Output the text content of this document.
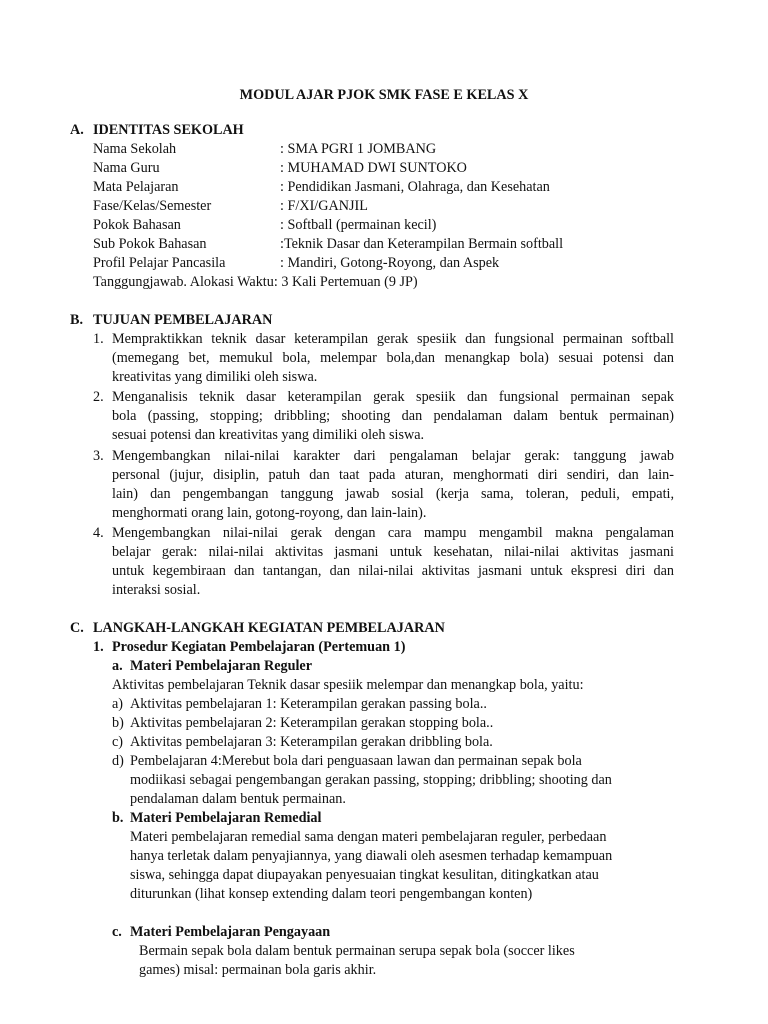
MODUL AJAR PJOK SMK FASE E KELAS X
A. IDENTITAS SEKOLAH
Nama Sekolah	: SMA PGRI 1 JOMBANG
Nama Guru	: MUHAMAD DWI SUNTOKO
Mata Pelajaran	: Pendidikan Jasmani, Olahraga, dan Kesehatan
Fase/Kelas/Semester	: F/XI/GANJIL
Pokok Bahasan	: Softball (permainan kecil)
Sub Pokok Bahasan	:Teknik Dasar dan Keterampilan Bermain softball
Profil Pelajar Pancasila	: Mandiri, Gotong-Royong, dan Aspek
Tanggungjawab. Alokasi Waktu: 3 Kali Pertemuan (9 JP)
B. TUJUAN PEMBELAJARAN
1. Mempraktikkan teknik dasar keterampilan gerak spesiik dan fungsional permainan softball
(memegang bet, memukul bola, melempar bola,dan menangkap bola) sesuai potensi dan
kreativitas yang dimiliki oleh siswa.
2. Menganalisis teknik dasar keterampilan gerak spesiik dan fungsional permainan sepak
bola (passing, stopping; dribbling; shooting dan pendalaman dalam bentuk permainan)
sesuai potensi dan kreativitas yang dimiliki oleh siswa.
3. Mengembangkan nilai-nilai karakter dari pengalaman belajar gerak: tanggung jawab
personal (jujur, disiplin, patuh dan taat pada aturan, menghormati diri sendiri, dan lain-
lain) dan pengembangan tanggung jawab sosial (kerja sama, toleran, peduli, empati,
menghormati orang lain, gotong-royong, dan lain-lain).
4. Mengembangkan nilai-nilai gerak dengan cara mampu mengambil makna pengalaman
belajar gerak: nilai-nilai aktivitas jasmani untuk kesehatan, nilai-nilai aktivitas jasmani
untuk kegembiraan dan tantangan, dan nilai-nilai aktivitas jasmani untuk ekspresi diri dan
interaksi sosial.
C. LANGKAH-LANGKAH KEGIATAN PEMBELAJARAN
1. Prosedur Kegiatan Pembelajaran (Pertemuan 1)
a. Materi Pembelajaran Reguler
Aktivitas pembelajaran Teknik dasar spesiik melempar dan menangkap bola, yaitu:
a) Aktivitas pembelajaran 1: Keterampilan gerakan passing bola..
b) Aktivitas pembelajaran 2: Keterampilan gerakan stopping bola..
c) Aktivitas pembelajaran 3: Keterampilan gerakan dribbling bola.
d) Pembelajaran 4:Merebut bola dari penguasaan lawan dan permainan sepak bola
modiikasi sebagai pengembangan gerakan passing, stopping; dribbling; shooting dan
pendalaman dalam bentuk permainan.
b. Materi Pembelajaran Remedial
Materi pembelajaran remedial sama dengan materi pembelajaran reguler, perbedaan
hanya terletak dalam penyajiannya, yang diawali oleh asesmen terhadap kemampuan
siswa, sehingga dapat diupayakan penyesuaian tingkat kesulitan, ditingkatkan atau
diturunkan (lihat konsep extending dalam teori pengembangan konten)
c. Materi Pembelajaran Pengayaan
Bermain sepak bola dalam bentuk permainan serupa sepak bola (soccer likes
games) misal: permainan bola garis akhir.
